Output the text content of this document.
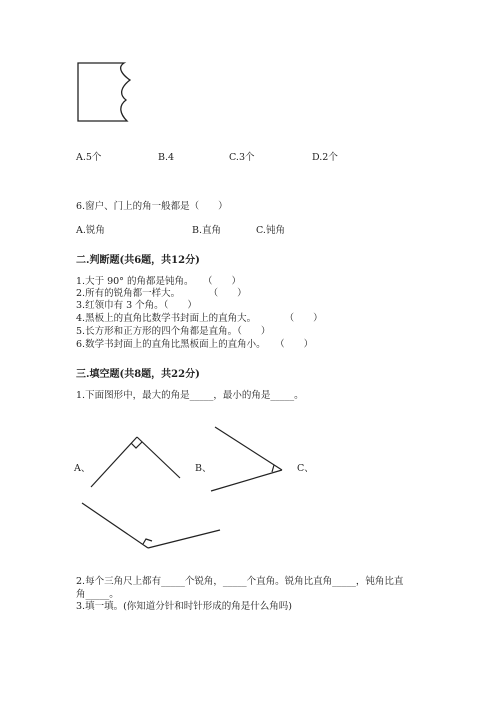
A.5个	B.4	C.3个	D.2个
6.窗户、门上的角一般都是（　　）
A.锐角	B.直角	C.钝角
二.判断题(共6题，共12分)
1.大于 90° 的角都是钝角。　　（　　）
2.所有的锐角都一样大。　　　　（　　）
3.红领巾有 3 个角。（　　）
4.黑板上的直角比数学书封面上的直角大。　　　　（　　）
5.长方形和正方形的四个角都是直角。（　　）
6.数学书封面上的直角比黑板面上的直角小。　　（　　）
三.填空题(共8题，共22分)
1.下面图形中，最大的角是_____，最小的角是_____。
A、	B、	C、
2.每个三角尺上都有_____个锐角，_____个直角。锐角比直角_____，钝角比直
角_____。
3.填一填。(你知道分针和时针形成的角是什么角吗)
